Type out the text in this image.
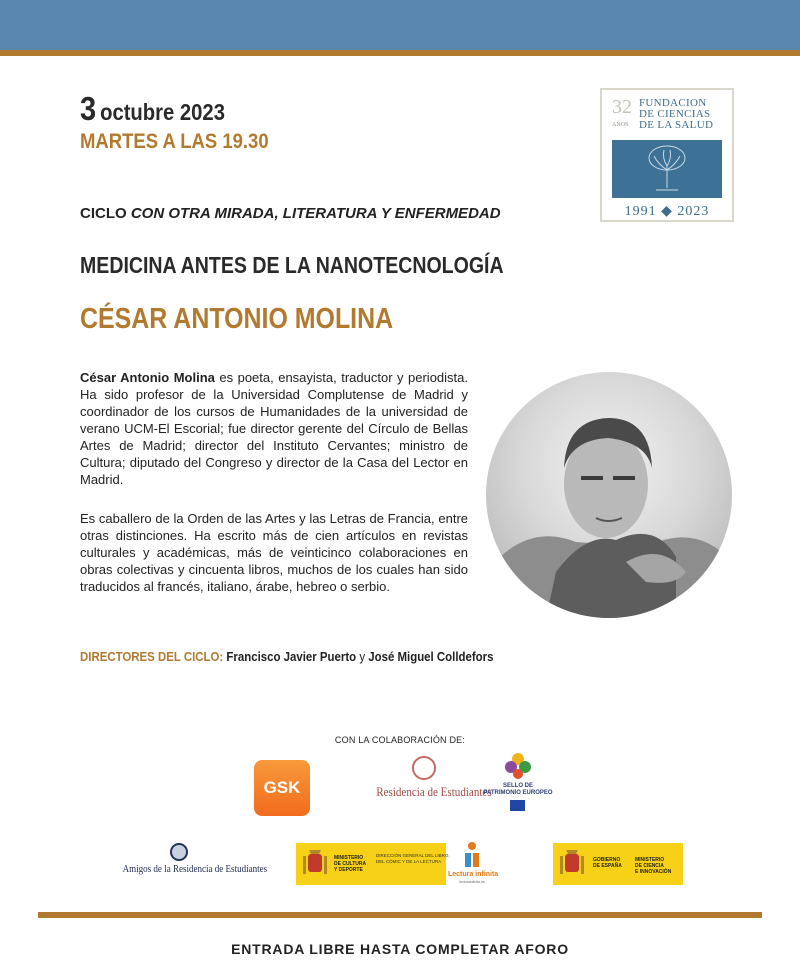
3 octubre 2023
MARTES A LAS 19.30
32
AÑOS
FUNDACION
DE CIENCIAS
DE LA SALUD
1991 ◆ 2023
CICLO CON OTRA MIRADA, LITERATURA Y ENFERMEDAD
MEDICINA ANTES DE LA NANOTECNOLOGÍA
CÉSAR ANTONIO MOLINA

César Antonio Molina es poeta, ensayista, traductor y periodista. Ha sido profesor de la Universidad Complutense de Madrid y coordinador de los cursos de Humanidades de la universidad de verano UCM-El Escorial; fue director gerente del Círculo de Bellas Artes de Madrid; director del Instituto Cervantes; ministro de Cultura; diputado del Congreso y director de la Casa del Lector en Madrid.

Es caballero de la Orden de las Artes y las Letras de Francia, entre otras distinciones. Ha escrito más de cien artículos en revistas culturales y académicas, más de veinticinco colaboraciones en obras colectivas y cincuenta libros, muchos de los cuales han sido traducidos al francés, italiano, árabe, hebreo o serbio.

DIRECTORES DEL CICLO: Francisco Javier Puerto y José Miguel Colldefors
CON LA COLABORACIÓN DE:
GSK	Residencia de Estudiantes	SELLO DE
PATRIMONIO EUROPEO
Amigos de la Residencia de Estudiantes
MINISTERIO
DE CULTURA
Y DEPORTE
DIRECCIÓN GENERAL DEL LIBRO,
DEL CÓMIC Y DE LA LECTURA
Lectura infinita
lecturainfinita.es
GOBIERNO
DE ESPAÑA
MINISTERIO
DE CIENCIA
E INNOVACIÓN
ENTRADA LIBRE HASTA COMPLETAR AFORO
